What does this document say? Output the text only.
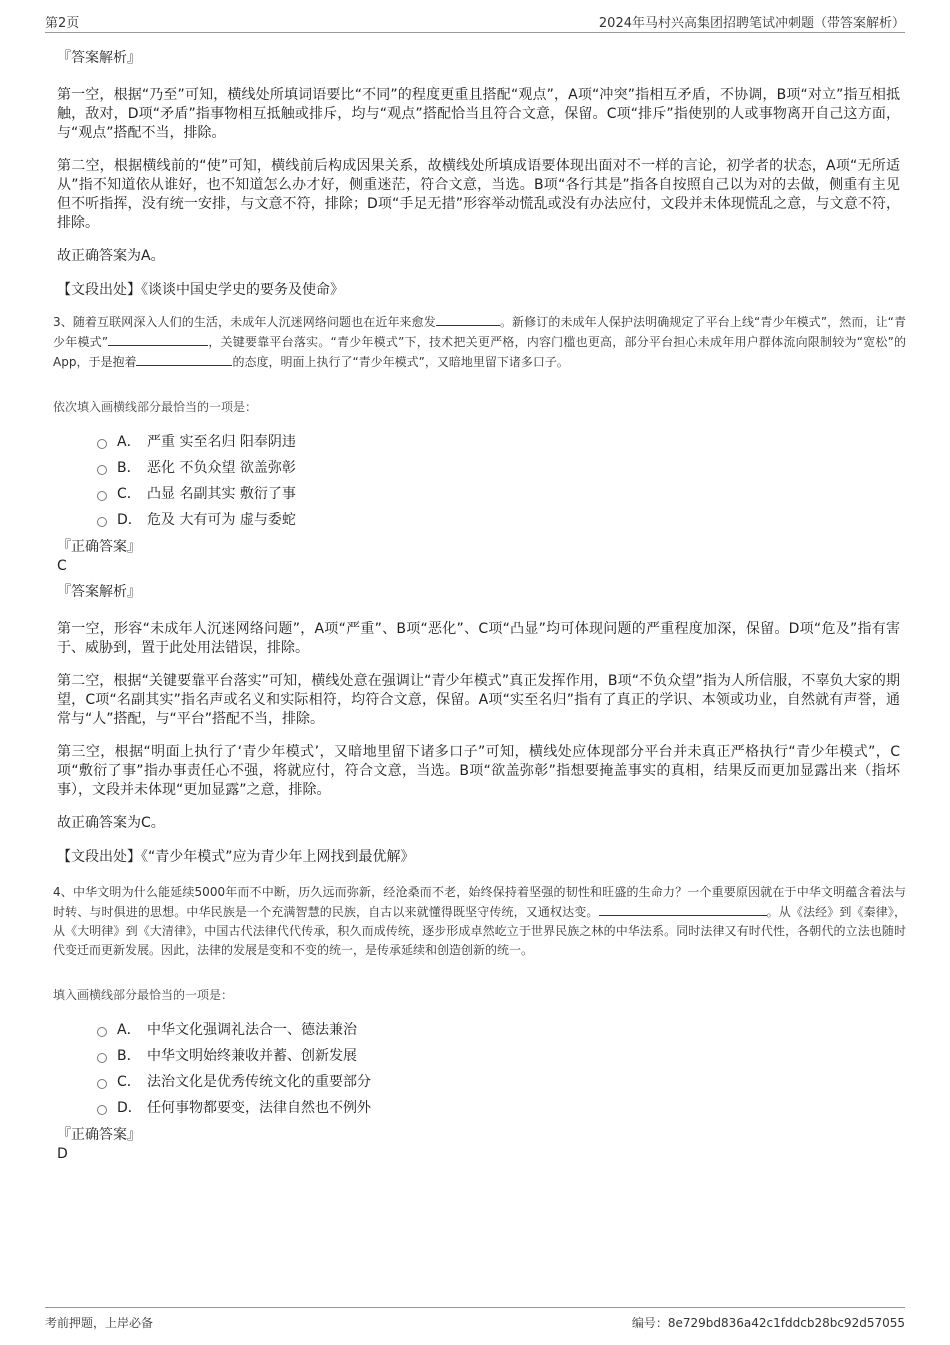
第2页	2024年马村兴高集团招聘笔试冲刺题（带答案解析）
『答案解析』
第一空，根据“乃至”可知，横线处所填词语要比“不同”的程度更重且搭配“观点”，A项“冲突”指相互矛盾，不协调，B项“对立”指互相抵触，敌对，D项“矛盾”指事物相互抵触或排斥，均与“观点”搭配恰当且符合文意，保留。C项“排斥”指使别的人或事物离开自己这方面，与“观点”搭配不当，排除。
第二空，根据横线前的“使”可知，横线前后构成因果关系，故横线处所填成语要体现出面对不一样的言论，初学者的状态，A项“无所适从”指不知道依从谁好，也不知道怎么办才好，侧重迷茫，符合文意，当选。B项“各行其是”指各自按照自己以为对的去做，侧重有主见但不听指挥，没有统一安排，与文意不符，排除；D项“手足无措”形容举动慌乱或没有办法应付，文段并未体现慌乱之意，与文意不符，排除。
故正确答案为A。
【文段出处】《谈谈中国史学史的要务及使命》
3、随着互联网深入人们的生活，未成年人沉迷网络问题也在近年来愈发	。新修订的未成年人保护法明确规定了平台上线“青少年模式”，然而，让“青少年模式”	，关键要靠平台落实。“青少年模式”下，技术把关更严格，内容门槛也更高，部分平台担心未成年用户群体流向限制较为“宽松”的App，于是抱着	的态度，明面上执行了“青少年模式”，又暗地里留下诸多口子。
依次填入画横线部分最恰当的一项是：
A． 严重 实至名归 阳奉阴违
B． 恶化 不负众望 欲盖弥彰
C． 凸显 名副其实 敷衍了事
D． 危及 大有可为 虚与委蛇
『正确答案』
C
『答案解析』
第一空，形容“未成年人沉迷网络问题”，A项“严重”、B项“恶化”、C项“凸显”均可体现问题的严重程度加深，保留。D项“危及”指有害于、威胁到，置于此处用法错误，排除。
第二空，根据“关键要靠平台落实”可知，横线处意在强调让“青少年模式”真正发挥作用，B项“不负众望”指为人所信服，不辜负大家的期望，C项“名副其实”指名声或名义和实际相符，均符合文意，保留。A项“实至名归”指有了真正的学识、本领或功业，自然就有声誉，通常与“人”搭配，与“平台”搭配不当，排除。
第三空，根据“明面上执行了‘青少年模式’，又暗地里留下诸多口子”可知，横线处应体现部分平台并未真正严格执行“青少年模式”，C项“敷衍了事”指办事责任心不强，将就应付，符合文意，当选。B项“欲盖弥彰”指想要掩盖事实的真相，结果反而更加显露出来（指坏事），文段并未体现“更加显露”之意，排除。
故正确答案为C。
【文段出处】《“青少年模式”应为青少年上网找到最优解》
4、中华文明为什么能延续5000年而不中断，历久远而弥新，经沧桑而不老，始终保持着坚强的韧性和旺盛的生命力？一个重要原因就在于中华文明蕴含着法与时转、与时俱进的思想。中华民族是一个充满智慧的民族，自古以来就懂得既坚守传统，又通权达变。	。从《法经》到《秦律》，从《大明律》到《大清律》，中国古代法律代代传承，积久而成传统，逐步形成卓然屹立于世界民族之林的中华法系。同时法律又有时代性，各朝代的立法也随时代变迁而更新发展。因此，法律的发展是变和不变的统一，是传承延续和创造创新的统一。
填入画横线部分最恰当的一项是：
A． 中华文化强调礼法合一、德法兼治
B． 中华文明始终兼收并蓄、创新发展
C． 法治文化是优秀传统文化的重要部分
D． 任何事物都要变，法律自然也不例外
『正确答案』
D
考前押题，上岸必备	编号：8e729bd836a42c1fddcb28bc92d57055
